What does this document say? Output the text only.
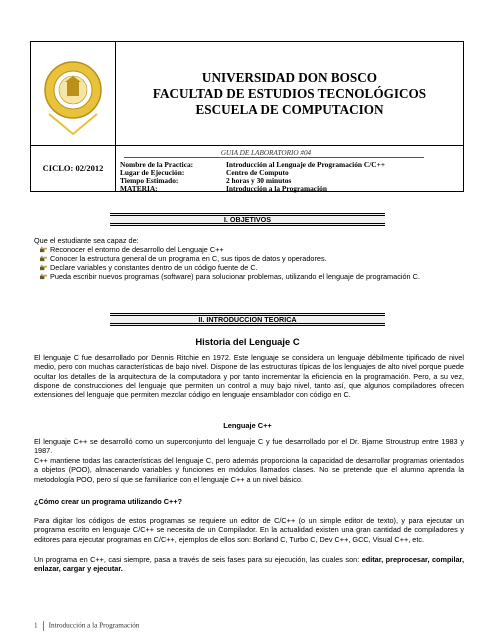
UNIVERSIDAD DON BOSCO
FACULTAD DE ESTUDIOS TECNOLÓGICOS
ESCUELA DE COMPUTACION
CICLO: 02/2012
GUIA DE LABORATORIO #04
Nombre de la Practica:	Introducción al Lenguaje de Programación C/C++
Lugar de Ejecución:	Centro de Computo
Tiempo Estimado:	2 horas y 30 minutos
MATERIA:	Introducción a la Programación
I. OBJETIVOS
Que el estudiante sea capaz de:
Reconocer el entorno de desarrollo del Lenguaje C++
Conocer la estructura general de un programa en C, sus tipos de datos y operadores.
Declare variables y constantes dentro de un código fuente de C.
Pueda escribir nuevos programas (software) para solucionar problemas, utilizando el lenguaje de programación C.
II. INTRODUCCION TEORICA
Historia del Lenguaje C
El lenguaje C fue desarrollado por Dennis Ritchie en 1972. Este lenguaje se considera un lenguaje débilmente tipificado de nivel medio, pero con muchas características de bajo nivel. Dispone de las estructuras típicas de los lenguajes de alto nivel porque puede ocultar los detalles de la arquitectura de la computadora y por tanto incrementar la eficiencia en la programación. Pero, a su vez, dispone de construcciones del lenguaje que permiten un control a muy bajo nivel, tanto así, que algunos compiladores ofrecen extensiones del lenguaje que permiten mezclar código en lenguaje ensamblador con código en C.
Lenguaje C++
El lenguaje C++ se desarrolló como un superconjunto del lenguaje C y fue desarrollado por el Dr. Bjarne Stroustrup entre 1983 y 1987.
C++ mantiene todas las características del lenguaje C, pero además proporciona la capacidad de desarrollar programas orientados a objetos (POO), almacenando variables y funciones en módulos llamados clases. No se pretende que el alumno aprenda la metodología POO, pero sí que se familiarice con el lenguaje C++ a un nivel básico.
¿Cómo crear un programa utilizando C++?
Para digitar los códigos de estos programas se requiere un editor de C/C++ (o un simple editor de texto), y para ejecutar un programa escrito en lenguaje C/C++ se necesita de un Compilador. En la actualidad existen una gran cantidad de compiladores y editores para ejecutar programas en C/C++, ejemplos de ellos son: Borland C, Turbo C, Dev C++, GCC, Visual C++, etc.
Un programa en C++, casi siempre, pasa a través de seis fases para su ejecución, las cuales son: editar, preprocesar, compilar, enlazar, cargar y ejecutar.
1 Introducción a la Programación
